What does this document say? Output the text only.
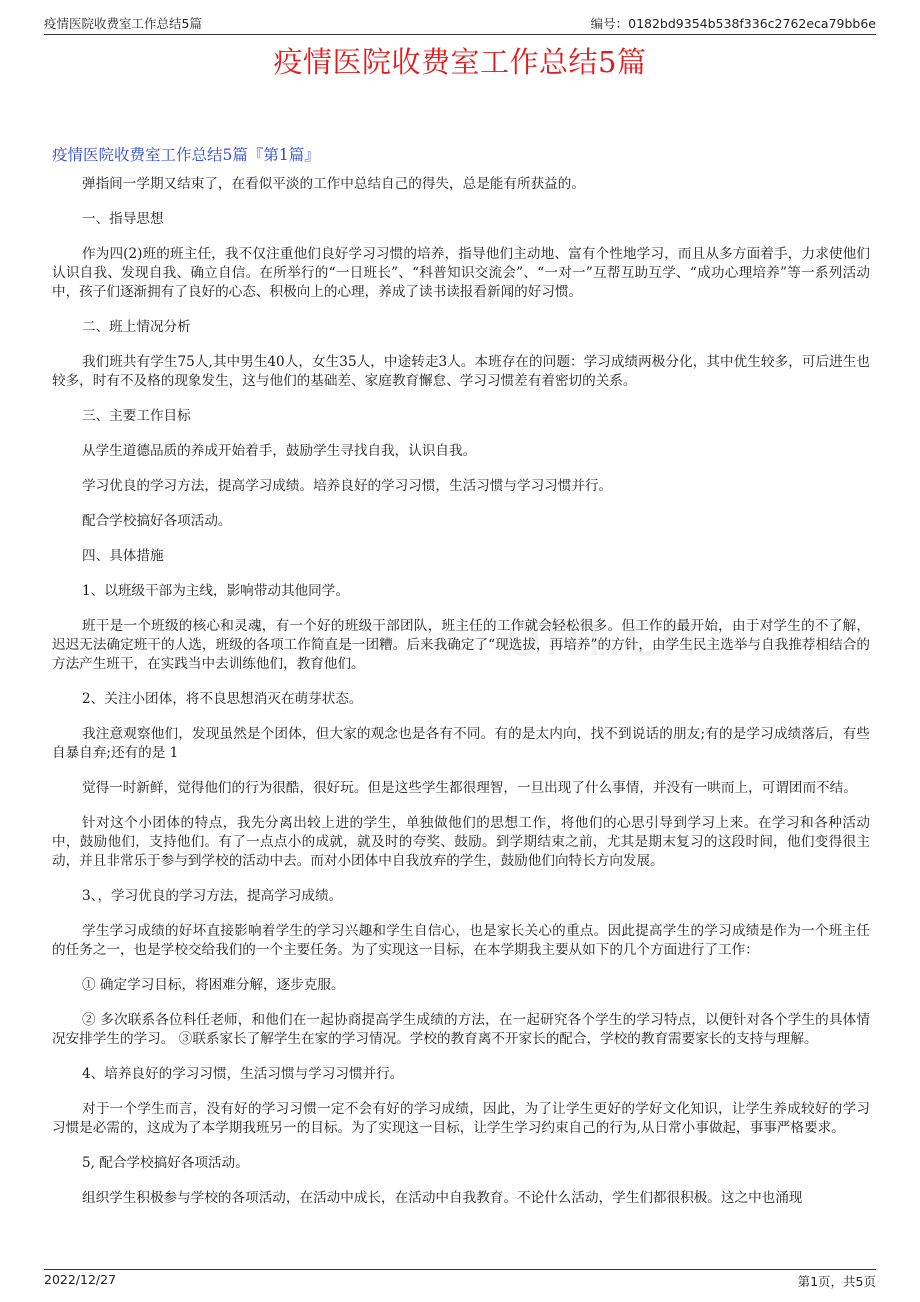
疫情医院收费室工作总结5篇	编号：0182bd9354b538f336c2762eca79bb6e
疫情医院收费室工作总结5篇
om.cn
疫情医院收费室工作总结5篇『第1篇』
弹指间一学期又结束了，在看似平淡的工作中总结自己的得失，总是能有所获益的。
一、指导思想
作为四(2)班的班主任，我不仅注重他们良好学习习惯的培养，指导他们主动地、富有个性地学习，而且从多方面着手，力求使他们认识自我、发现自我、确立自信。在所举行的“一日班长”、“科普知识交流会”、“一对一”互帮互助互学、“成功心理培养”等一系列活动中，孩子们逐渐拥有了良好的心态、积极向上的心理，养成了读书读报看新闻的好习惯。
二、班上情况分析
我们班共有学生75人,其中男生40人，女生35人，中途转走3人。本班存在的问题：学习成绩两极分化，其中优生较多，可后进生也较多，时有不及格的现象发生，这与他们的基础差、家庭教育懈怠、学习习惯差有着密切的关系。
三、主要工作目标
从学生道德品质的养成开始着手，鼓励学生寻找自我，认识自我。
学习优良的学习方法，提高学习成绩。培养良好的学习习惯，生活习惯与学习习惯并行。
配合学校搞好各项活动。
四、具体措施
1、以班级干部为主线，影响带动其他同学。
班干是一个班级的核心和灵魂，有一个好的班级干部团队，班主任的工作就会轻松很多。但工作的最开始，由于对学生的不了解，迟迟无法确定班干的人选，班级的各项工作简直是一团糟。后来我确定了“现选拔，再培养”的方针，由学生民主选举与自我推荐相结合的方法产生班干，在实践当中去训练他们，教育他们。
2、关注小团体，将不良思想消灭在萌芽状态。
我注意观察他们，发现虽然是个团体，但大家的观念也是各有不同。有的是太内向，找不到说话的朋友;有的是学习成绩落后，有些自暴自弃;还有的是 1
觉得一时新鲜，觉得他们的行为很酷，很好玩。但是这些学生都很理智，一旦出现了什么事情，并没有一哄而上，可谓团而不结。
针对这个小团体的特点，我先分离出较上进的学生，单独做他们的思想工作，将他们的心思引导到学习上来。在学习和各种活动中，鼓励他们，支持他们。有了一点点小的成就，就及时的夸奖、鼓励。到学期结束之前，尤其是期末复习的这段时间，他们变得很主动，并且非常乐于参与到学校的活动中去。而对小团体中自我放弃的学生，鼓励他们向特长方向发展。
3、，学习优良的学习方法，提高学习成绩。
学生学习成绩的好坏直接影响着学生的学习兴趣和学生自信心，也是家长关心的重点。因此提高学生的学习成绩是作为一个班主任的任务之一，也是学校交给我们的一个主要任务。为了实现这一目标，在本学期我主要从如下的几个方面进行了工作：
① 确定学习目标，将困难分解，逐步克服。
② 多次联系各位科任老师，和他们在一起协商提高学生成绩的方法，在一起研究各个学生的学习特点，以便针对各个学生的具体情况安排学生的学习。 ③联系家长了解学生在家的学习情况。学校的教育离不开家长的配合，学校的教育需要家长的支持与理解。
4、培养良好的学习习惯，生活习惯与学习习惯并行。
对于一个学生而言，没有好的学习习惯一定不会有好的学习成绩，因此，为了让学生更好的学好文化知识，让学生养成较好的学习习惯是必需的，这成为了本学期我班另一的目标。为了实现这一目标，让学生学习约束自己的行为,从日常小事做起，事事严格要求。
5, 配合学校搞好各项活动。
组织学生积极参与学校的各项活动，在活动中成长，在活动中自我教育。不论什么活动，学生们都很积极。这之中也涌现
2022/12/27	第1页，共5页
